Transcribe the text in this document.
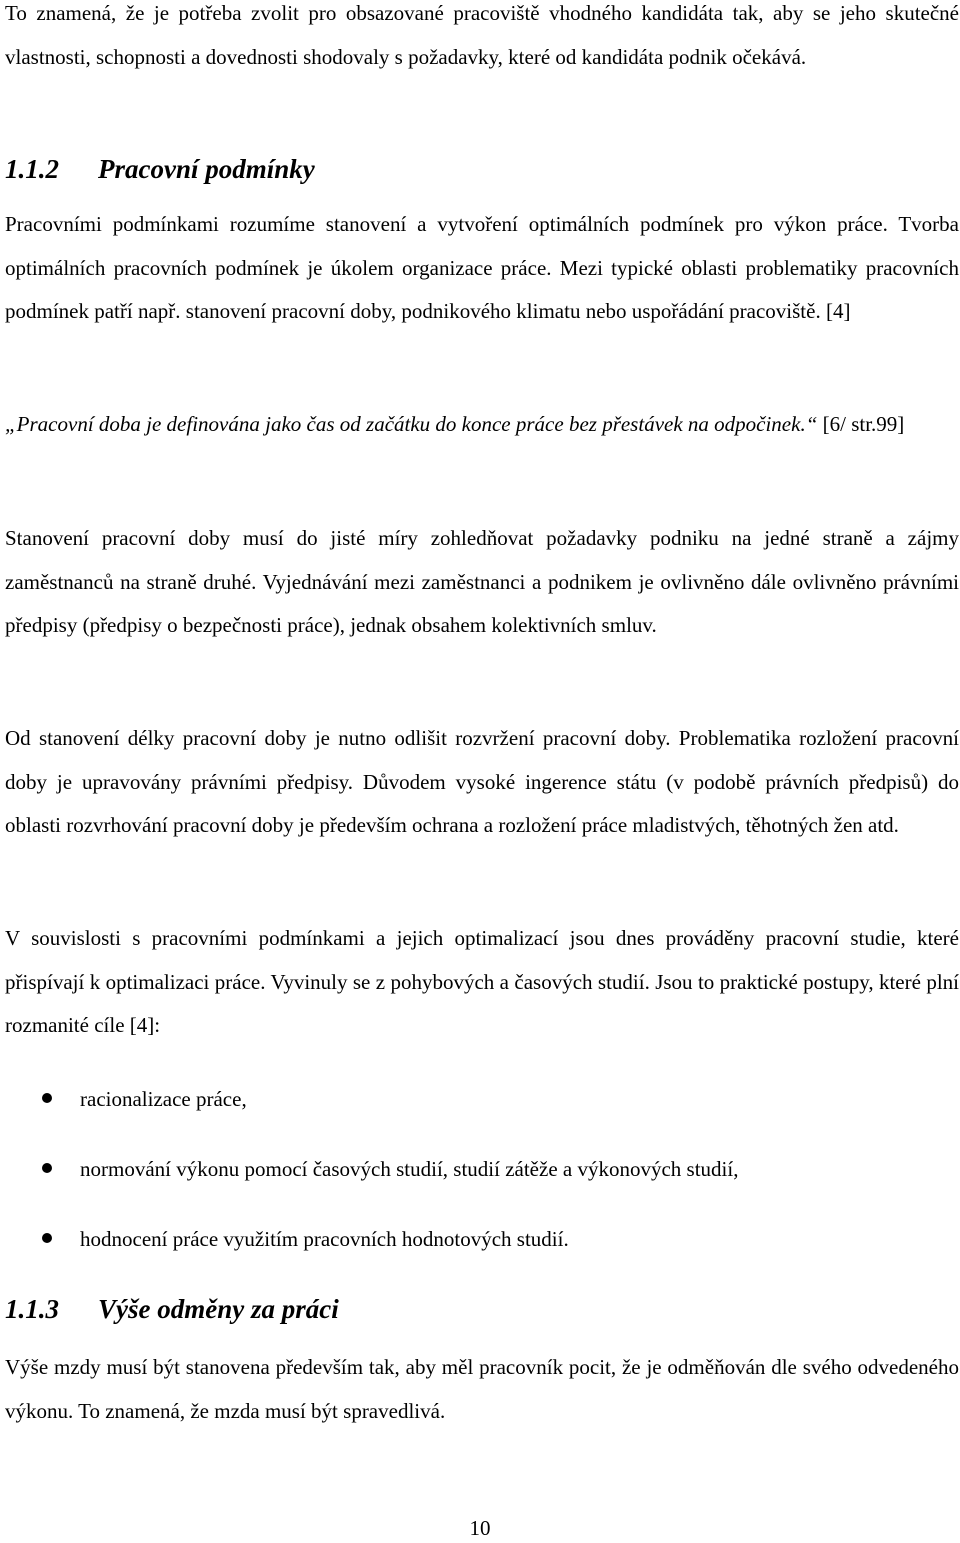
To znamená, že je potřeba zvolit pro obsazované pracoviště vhodného kandidáta tak, aby se jeho skutečné vlastnosti, schopnosti a dovednosti shodovaly s požadavky, které od kandidáta podnik očekává.

1.1.2 Pracovní podmínky

Pracovními podmínkami rozumíme stanovení a vytvoření optimálních podmínek pro výkon práce. Tvorba optimálních pracovních podmínek je úkolem organizace práce. Mezi typické oblasti problematiky pracovních podmínek patří např. stanovení pracovní doby, podnikového klimatu nebo uspořádání pracoviště. [4]

„Pracovní doba je definována jako čas od začátku do konce práce bez přestávek na odpočinek.“ [6/ str.99]

Stanovení pracovní doby musí do jisté míry zohledňovat požadavky podniku na jedné straně a zájmy zaměstnanců na straně druhé. Vyjednávání mezi zaměstnanci a podnikem je ovlivněno dále ovlivněno právními předpisy (předpisy o bezpečnosti práce), jednak obsahem kolektivních smluv.

Od stanovení délky pracovní doby je nutno odlišit rozvržení pracovní doby. Problematika rozložení pracovní doby je upravovány právními předpisy. Důvodem vysoké ingerence státu (v podobě právních předpisů) do oblasti rozvrhování pracovní doby je především ochrana a rozložení práce mladistvých, těhotných žen atd.

V souvislosti s pracovními podmínkami a jejich optimalizací jsou dnes prováděny pracovní studie, které přispívají k optimalizaci práce. Vyvinuly se z pohybových a časových studií. Jsou to praktické postupy, které plní rozmanité cíle [4]:

racionalizace práce,
normování výkonu pomocí časových studií, studií zátěže a výkonových studií,
hodnocení práce využitím pracovních hodnotových studií.
1.1.3 Výše odměny za práci

Výše mzdy musí být stanovena především tak, aby měl pracovník pocit, že je odměňován dle svého odvedeného výkonu. To znamená, že mzda musí být spravedlivá.

10
